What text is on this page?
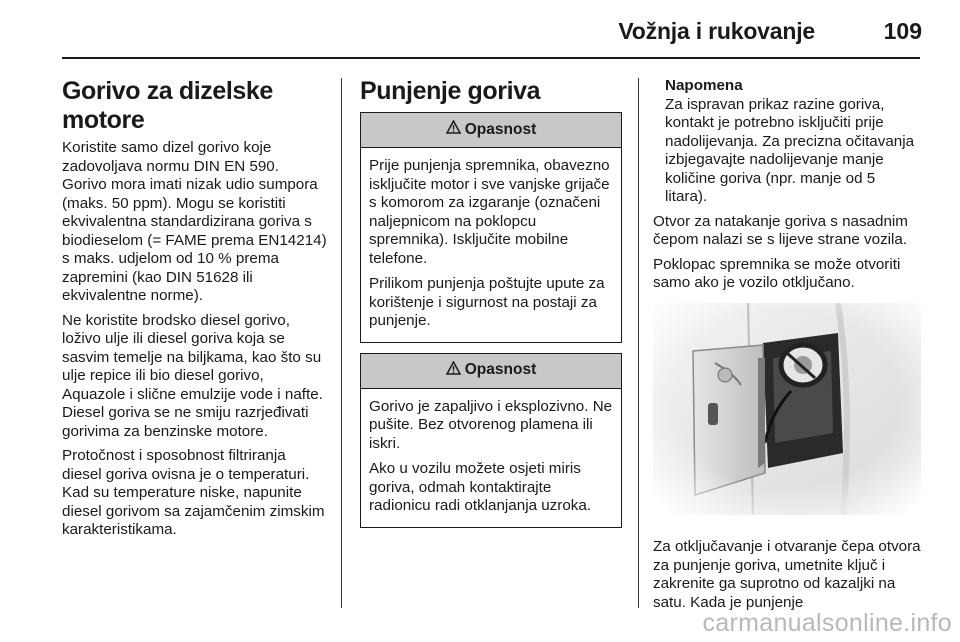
Vožnja i rukovanje	109
Gorivo za dizelske motore

Koristite samo dizel gorivo koje zadovoljava normu DIN EN 590. Gorivo mora imati nizak udio sumpora (maks. 50 ppm). Mogu se koristiti ekvivalentna standardizirana goriva s biodieselom (= FAME prema EN14214) s maks. udjelom od 10 % prema zapremini (kao DIN 51628 ili ekvivalentne norme).

Ne koristite brodsko diesel gorivo, loživo ulje ili diesel goriva koja se sasvim temelje na biljkama, kao što su ulje repice ili bio diesel gorivo, Aquazole i slične emulzije vode i nafte. Diesel goriva se ne smiju razrjeđivati gorivima za benzinske motore.

Protočnost i sposobnost filtriranja diesel goriva ovisna je o temperaturi. Kad su temperature niske, napunite diesel gorivom sa zajamčenim zimskim karakteristikama.

Punjenje goriva
Opasnost

Prije punjenja spremnika, obavezno isključite motor i sve vanjske grijače s komorom za izgaranje (označeni naljepnicom na poklopcu spremnika). Isključite mobilne telefone.

Prilikom punjenja poštujte upute za korištenje i sigurnost na postaji za punjenje.

Opasnost

Gorivo je zapaljivo i eksplozivno. Ne pušite. Bez otvorenog plamena ili iskri.

Ako u vozilu možete osjeti miris goriva, odmah kontaktirajte radionicu radi otklanjanja uzroka.

Napomena
Za ispravan prikaz razine goriva, kontakt je potrebno isključiti prije nadolijevanja. Za precizna očitavanja izbjegavajte nadolijevanje manje količine goriva (npr. manje od 5 litara).

Otvor za natakanje goriva s nasadnim čepom nalazi se s lijeve strane vozila.

Poklopac spremnika se može otvoriti samo ako je vozilo otključano.

Za otključavanje i otvaranje čepa otvora za punjenje goriva, umetnite ključ i zakrenite ga suprotno od kazaljki na satu. Kada je punjenje

carmanualsonline.info
